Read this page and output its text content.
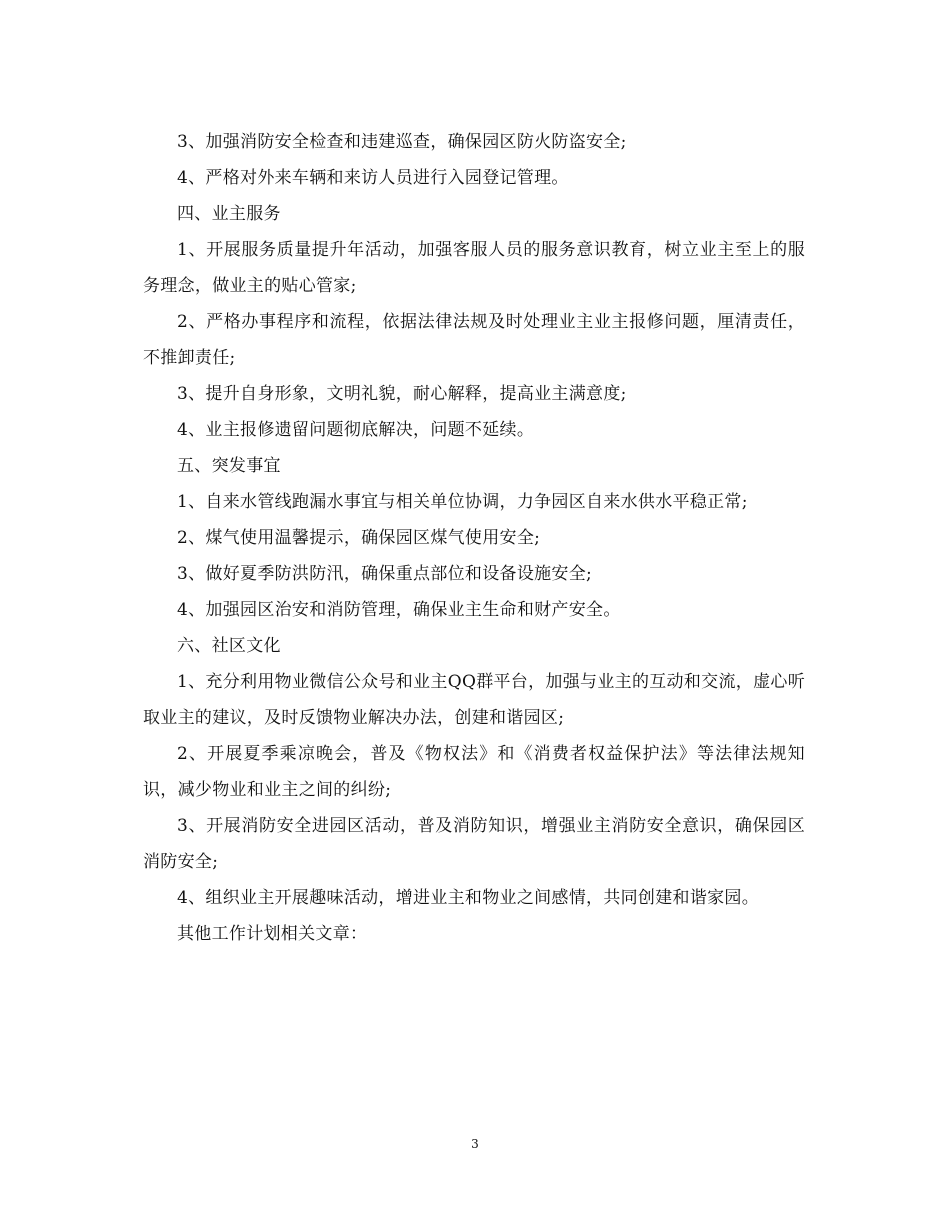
3、加强消防安全检查和违建巡查，确保园区防火防盗安全;

4、严格对外来车辆和来访人员进行入园登记管理。

四、业主服务

1、开展服务质量提升年活动，加强客服人员的服务意识教育，树立业主至上的服务理念，做业主的贴心管家;

2、严格办事程序和流程，依据法律法规及时处理业主业主报修问题，厘清责任，不推卸责任;

3、提升自身形象，文明礼貌，耐心解释，提高业主满意度;

4、业主报修遗留问题彻底解决，问题不延续。

五、突发事宜

1、自来水管线跑漏水事宜与相关单位协调，力争园区自来水供水平稳正常;

2、煤气使用温馨提示，确保园区煤气使用安全;

3、做好夏季防洪防汛，确保重点部位和设备设施安全;

4、加强园区治安和消防管理，确保业主生命和财产安全。

六、社区文化

1、充分利用物业微信公众号和业主QQ群平台，加强与业主的互动和交流，虚心听取业主的建议，及时反馈物业解决办法，创建和谐园区;

2、开展夏季乘凉晚会，普及《物权法》和《消费者权益保护法》等法律法规知识，减少物业和业主之间的纠纷;

3、开展消防安全进园区活动，普及消防知识，增强业主消防安全意识，确保园区消防安全;

4、组织业主开展趣味活动，增进业主和物业之间感情，共同创建和谐家园。

其他工作计划相关文章：

3
